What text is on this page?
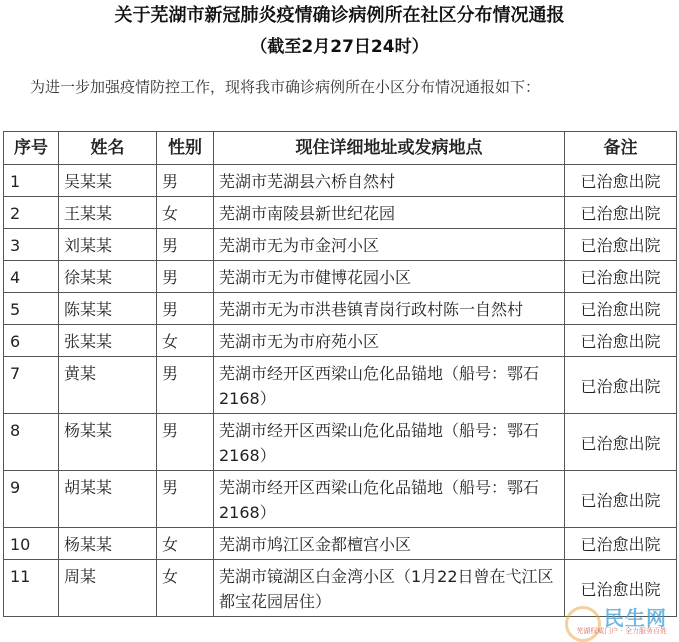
关于芜湖市新冠肺炎疫情确诊病例所在社区分布情况通报
（截至2月27日24时）
为进一步加强疫情防控工作，现将我市确诊病例所在小区分布情况通报如下：
序号	姓名	性别	现住详细地址或发病地点	备注
1	吴某某	男	芜湖市芜湖县六桥自然村	已治愈出院
2	王某某	女	芜湖市南陵县新世纪花园	已治愈出院
3	刘某某	男	芜湖市无为市金河小区	已治愈出院
4	徐某某	男	芜湖市无为市健博花园小区	已治愈出院
5	陈某某	男	芜湖市无为市洪巷镇青岗行政村陈一自然村	已治愈出院
6	张某某	女	芜湖市无为市府苑小区	已治愈出院
7	黄某	男	芜湖市经开区西梁山危化品锚地（船号：鄂石2168）	已治愈出院
8	杨某某	男	芜湖市经开区西梁山危化品锚地（船号：鄂石2168）	已治愈出院
9	胡某某	男	芜湖市经开区西梁山危化品锚地（船号：鄂石2168）	已治愈出院
10	杨某某	女	芜湖市鸠江区金都檀宫小区	已治愈出院
11	周某	女	芜湖市镜湖区白金湾小区（1月22日曾在弋江区都宝花园居住）	已治愈出院
民生网
芜湖权威门户 · 全力服务百姓
